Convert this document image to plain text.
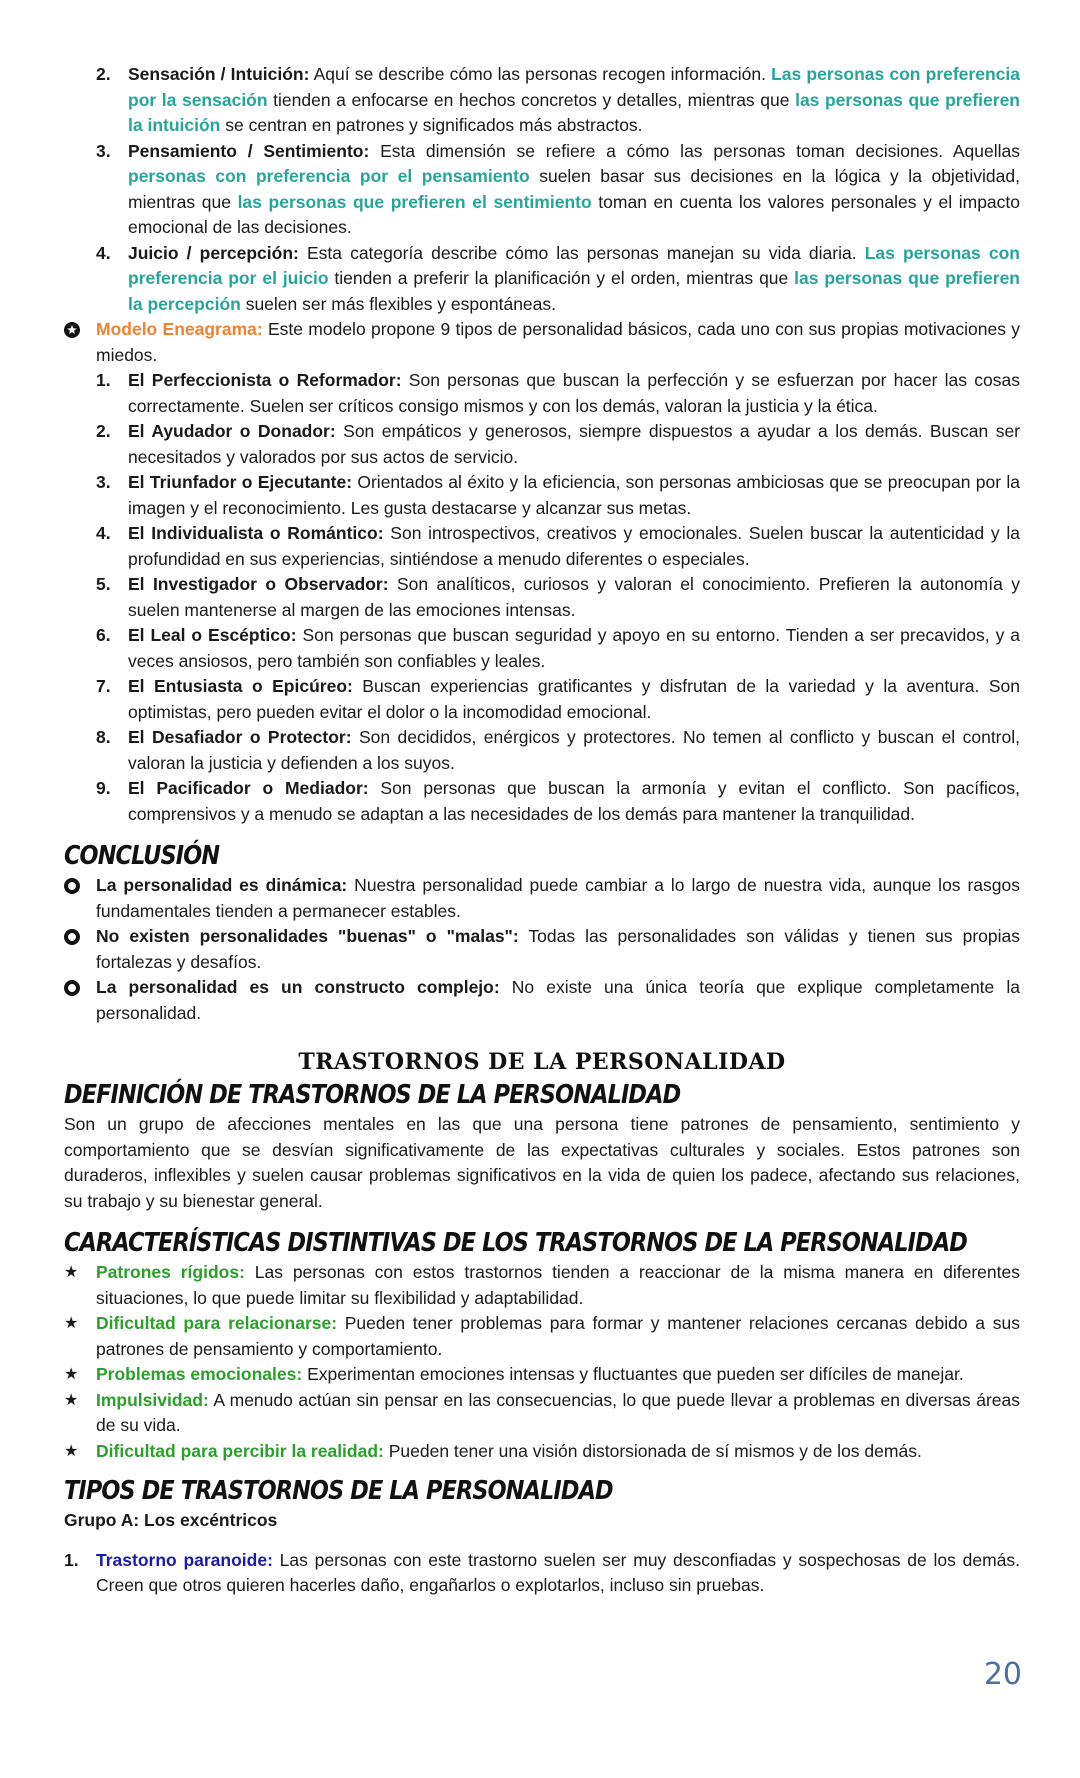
2. Sensación / Intuición: Aquí se describe cómo las personas recogen información. Las personas con preferencia por la sensación tienden a enfocarse en hechos concretos y detalles, mientras que las personas que prefieren la intuición se centran en patrones y significados más abstractos.
3. Pensamiento / Sentimiento: Esta dimensión se refiere a cómo las personas toman decisiones. Aquellas personas con preferencia por el pensamiento suelen basar sus decisiones en la lógica y la objetividad, mientras que las personas que prefieren el sentimiento toman en cuenta los valores personales y el impacto emocional de las decisiones.
4. Juicio / percepción: Esta categoría describe cómo las personas manejan su vida diaria. Las personas con preferencia por el juicio tienden a preferir la planificación y el orden, mientras que las personas que prefieren la percepción suelen ser más flexibles y espontáneas.
Modelo Eneagrama: Este modelo propone 9 tipos de personalidad básicos, cada uno con sus propias motivaciones y miedos.
1. El Perfeccionista o Reformador: Son personas que buscan la perfección y se esfuerzan por hacer las cosas correctamente. Suelen ser críticos consigo mismos y con los demás, valoran la justicia y la ética.
2. El Ayudador o Donador: Son empáticos y generosos, siempre dispuestos a ayudar a los demás. Buscan ser necesitados y valorados por sus actos de servicio.
3. El Triunfador o Ejecutante: Orientados al éxito y la eficiencia, son personas ambiciosas que se preocupan por la imagen y el reconocimiento. Les gusta destacarse y alcanzar sus metas.
4. El Individualista o Romántico: Son introspectivos, creativos y emocionales. Suelen buscar la autenticidad y la profundidad en sus experiencias, sintiéndose a menudo diferentes o especiales.
5. El Investigador o Observador: Son analíticos, curiosos y valoran el conocimiento. Prefieren la autonomía y suelen mantenerse al margen de las emociones intensas.
6. El Leal o Escéptico: Son personas que buscan seguridad y apoyo en su entorno. Tienden a ser precavidos, y a veces ansiosos, pero también son confiables y leales.
7. El Entusiasta o Epicúreo: Buscan experiencias gratificantes y disfrutan de la variedad y la aventura. Son optimistas, pero pueden evitar el dolor o la incomodidad emocional.
8. El Desafiador o Protector: Son decididos, enérgicos y protectores. No temen al conflicto y buscan el control, valoran la justicia y defienden a los suyos.
9. El Pacificador o Mediador: Son personas que buscan la armonía y evitan el conflicto. Son pacíficos, comprensivos y a menudo se adaptan a las necesidades de los demás para mantener la tranquilidad.
CONCLUSIÓN
La personalidad es dinámica: Nuestra personalidad puede cambiar a lo largo de nuestra vida, aunque los rasgos fundamentales tienden a permanecer estables.
No existen personalidades "buenas" o "malas": Todas las personalidades son válidas y tienen sus propias fortalezas y desafíos.
La personalidad es un constructo complejo: No existe una única teoría que explique completamente la personalidad.
TRASTORNOS DE LA PERSONALIDAD
DEFINICIÓN DE TRASTORNOS DE LA PERSONALIDAD
Son un grupo de afecciones mentales en las que una persona tiene patrones de pensamiento, sentimiento y comportamiento que se desvían significativamente de las expectativas culturales y sociales. Estos patrones son duraderos, inflexibles y suelen causar problemas significativos en la vida de quien los padece, afectando sus relaciones, su trabajo y su bienestar general.
CARACTERÍSTICAS DISTINTIVAS DE LOS TRASTORNOS DE LA PERSONALIDAD
★ Patrones rígidos: Las personas con estos trastornos tienden a reaccionar de la misma manera en diferentes situaciones, lo que puede limitar su flexibilidad y adaptabilidad.
★ Dificultad para relacionarse: Pueden tener problemas para formar y mantener relaciones cercanas debido a sus patrones de pensamiento y comportamiento.
★ Problemas emocionales: Experimentan emociones intensas y fluctuantes que pueden ser difíciles de manejar.
★ Impulsividad: A menudo actúan sin pensar en las consecuencias, lo que puede llevar a problemas en diversas áreas de su vida.
★ Dificultad para percibir la realidad: Pueden tener una visión distorsionada de sí mismos y de los demás.
TIPOS DE TRASTORNOS DE LA PERSONALIDAD
Grupo A: Los excéntricos
1. Trastorno paranoide: Las personas con este trastorno suelen ser muy desconfiadas y sospechosas de los demás. Creen que otros quieren hacerles daño, engañarlos o explotarlos, incluso sin pruebas.
20
